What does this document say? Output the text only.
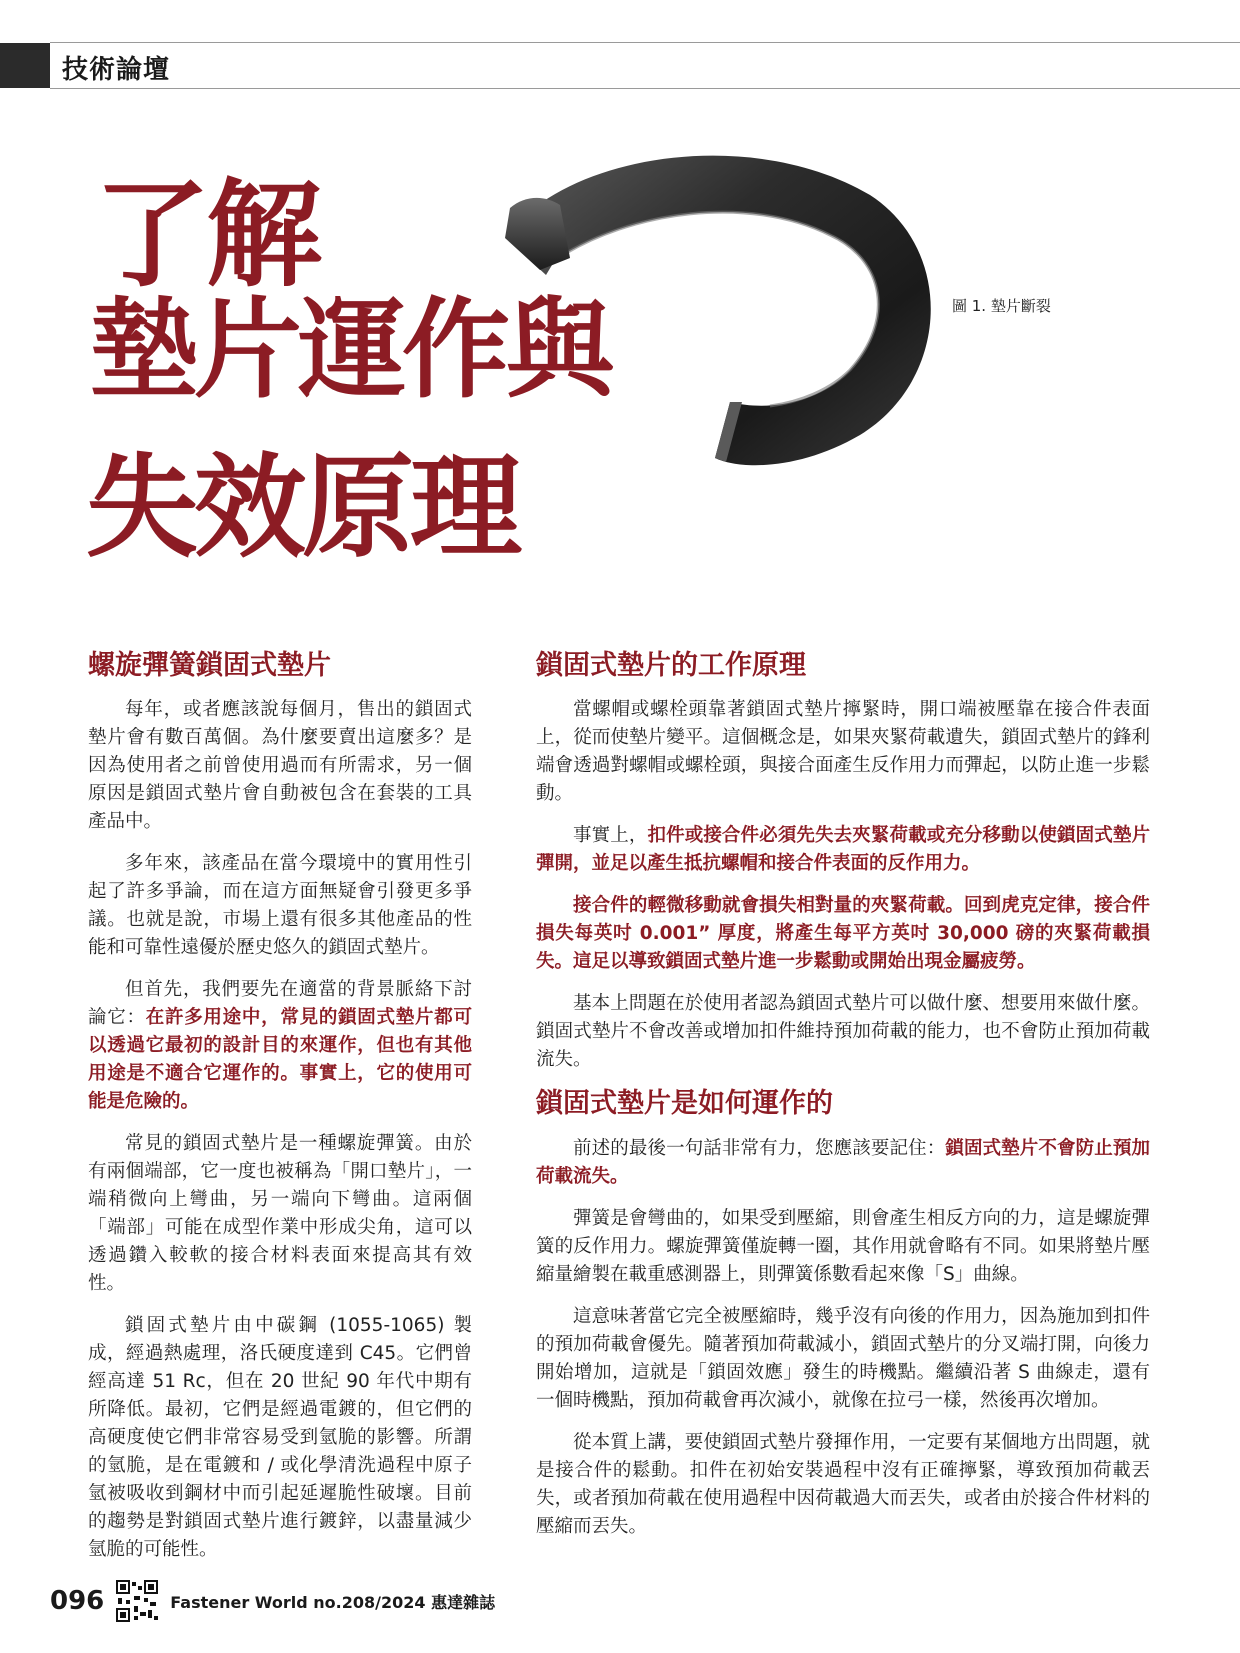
技術論壇
了解
墊片運作與
失效原理
圖 1. 墊片斷裂
螺旋彈簧鎖固式墊片

每年，或者應該說每個月，售出的鎖固式墊片會有數百萬個。為什麼要賣出這麼多？是因為使用者之前曾使用過而有所需求，另一個原因是鎖固式墊片會自動被包含在套裝的工具產品中。

多年來，該產品在當今環境中的實用性引起了許多爭論，而在這方面無疑會引發更多爭議。也就是說，市場上還有很多其他產品的性能和可靠性遠優於歷史悠久的鎖固式墊片。

但首先，我們要先在適當的背景脈絡下討論它：在許多用途中，常見的鎖固式墊片都可以透過它最初的設計目的來運作，但也有其他用途是不適合它運作的。事實上，它的使用可能是危險的。

常見的鎖固式墊片是一種螺旋彈簧。由於有兩個端部，它一度也被稱為「開口墊片」，一端稍微向上彎曲，另一端向下彎曲。這兩個「端部」可能在成型作業中形成尖角，這可以透過鑽入較軟的接合材料表面來提高其有效性。

鎖固式墊片由中碳鋼 (1055-1065) 製成，經過熱處理，洛氏硬度達到 C45。它們曾經高達 51 Rc，但在 20 世紀 90 年代中期有所降低。最初，它們是經過電鍍的，但它們的高硬度使它們非常容易受到氫脆的影響。所謂的氫脆，是在電鍍和 / 或化學清洗過程中原子氫被吸收到鋼材中而引起延遲脆性破壞。目前的趨勢是對鎖固式墊片進行鍍鋅，以盡量減少氫脆的可能性。

鎖固式墊片的工作原理

當螺帽或螺栓頭靠著鎖固式墊片擰緊時，開口端被壓靠在接合件表面上，從而使墊片變平。這個概念是，如果夾緊荷載遺失，鎖固式墊片的鋒利端會透過對螺帽或螺栓頭，與接合面產生反作用力而彈起，以防止進一步鬆動。

事實上，扣件或接合件必須先失去夾緊荷載或充分移動以使鎖固式墊片彈開，並足以產生抵抗螺帽和接合件表面的反作用力。

接合件的輕微移動就會損失相對量的夾緊荷載。回到虎克定律，接合件損失每英吋 0.001” 厚度，將產生每平方英吋 30,000 磅的夾緊荷載損失。這足以導致鎖固式墊片進一步鬆動或開始出現金屬疲勞。

基本上問題在於使用者認為鎖固式墊片可以做什麼、想要用來做什麼。鎖固式墊片不會改善或增加扣件維持預加荷載的能力，也不會防止預加荷載流失。

鎖固式墊片是如何運作的

前述的最後一句話非常有力，您應該要記住：鎖固式墊片不會防止預加荷載流失。

彈簧是會彎曲的，如果受到壓縮，則會產生相反方向的力，這是螺旋彈簧的反作用力。螺旋彈簧僅旋轉一圈，其作用就會略有不同。如果將墊片壓縮量繪製在載重感測器上，則彈簧係數看起來像「S」曲線。

這意味著當它完全被壓縮時，幾乎沒有向後的作用力，因為施加到扣件的預加荷載會優先。隨著預加荷載減小，鎖固式墊片的分叉端打開，向後力開始增加，這就是「鎖固效應」發生的時機點。繼續沿著 S 曲線走，還有一個時機點，預加荷載會再次減小，就像在拉弓一樣，然後再次增加。

從本質上講，要使鎖固式墊片發揮作用，一定要有某個地方出問題，就是接合件的鬆動。扣件在初始安裝過程中沒有正確擰緊，導致預加荷載丟失，或者預加荷載在使用過程中因荷載過大而丟失，或者由於接合件材料的壓縮而丟失。

096	Fastener World no.208/2024 惠達雜誌
